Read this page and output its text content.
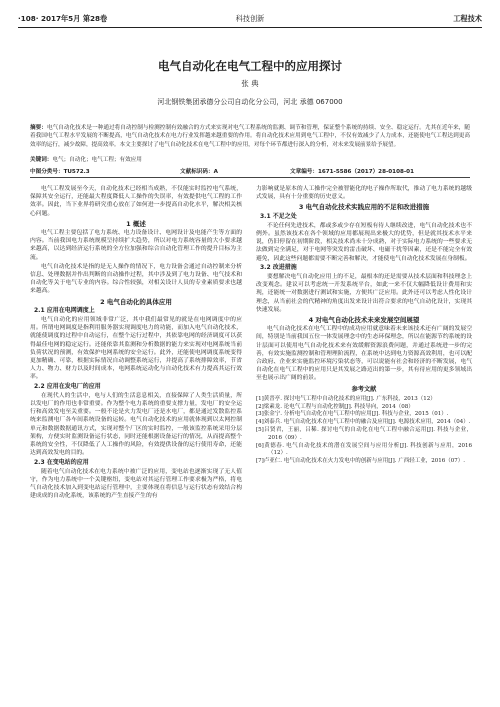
·108· 2017年5月 第28卷	科技创新	工程技术
电气自动化在电气工程中的应用探讨
张 典
河北钢铁集团承德分公司自动化分公司，河北 承德 067000
摘要：电气自动化技术是一种通过将自动控制与检测控制有效融合的方式来实现对电气工程系统的监测、调节和管理，保证整个系统的持续、安全、稳定运行。尤其在近年来，随着我国电气工程水平发展的不断提高，电气自动化技术在电力行业发挥越来越重要的作用。将自动化技术应用到电气工程中，不仅有效减少了人力成本，还能使电气工程达到更高效率的运行，减少故障，提高效率。本文主要探讨了电气自动化技术在电气工程中的应用，对每个环节都进行深入的分析，对未来发展前景给予展望。
关键词：电气；自动化；电气工程；有效应用
中图分类号：TU572.3	文献标识码：A	文章编号：1671-5586（2017）28-0108-01

电气工程发展至今天，自动化技术已经相当成熟，不仅能实时监控电气系统，保障其安全运行，还能最大程度降低人工操作的失误率，有效提供电气工程的工作效率。因此，当下业界将研究重心放在了如何进一步提高自动化水平，解决相关核心问题。

1 概述

电气工程主要包括了电力系统、电力设备设计、电网设计及电能产生等方面的内容。当前我国电力系统规模呈持续扩大趋势，所以对电力系统容量的大小要求越来越高，以达到经济运行系统的全方位加强和综合自动化管理工作的提升目标为主流。

电气自动化技术是指的是无人操作的情况下，电力设备会通过自动控制来分析信息、处理数据并作出判断的自动操作过程，其中涉及到了电力设备、电气技术和自动化等关于电气专业的内容。综合性较强，对相关设计人员的专业素质要求也越来越高。

2 电气自动化的具体应用
2.1 应用在电网调度上

电气自动化的应用领域非常广泛，其中我们最常见的就是在电网调度中的应用。所谓电网调度是指利用服务器实现调度电力的功能，而加入电气自动化技术，就能使调度的过程中自动运行，在整个运行过程中，其依靠电网的经济调度可以获得最佳电网的稳定运行。还能依靠其监测和分析数据的能力来实现对电网系统当前负荷状况的预测，有效保护电网系统的安全运行。此外，还能使电网调度系统变得更加精确、可靠，根据实际情况自动调整系统运行，并提高了系统排障效率，节省人力、物力、财力以及时间成本，电网系统运动化与自动化技术有力提高其运行效率。

2.2 应用在发电厂的应用

在现代人的生活中，电与人们的生活息息相关，直接保障了人类生活质量，所以发电厂的作用也非常重要。作为整个电力系统的重要支撑力量，发电厂的安全运行和高效发电至关重要。一般不论是火力发电厂还是水电厂，都是通过发散监控系统来监测电厂各车间系统设备的运转。电气自动化技术的应用就体现到以太网控制单元和数据数据通讯方式，实现对整个厂区的实时监控，一般该监控系统采用分层架构，方便实时监测设备运行状态，同时还能根据设备运行的情况，从而提高整个系统的安全性，不仅降低了人工操作的风险，有效提供设备的运行使用寿命，还能达到高效发电的目的。

2.3 在变电站的应用

随着电气自动化技术在电力系统中被广泛的应用，变电站也逐渐实现了无人值守，作为电力系统中一个关键枢纽，变电站对其运行管理工作要求极为严格，将电气自动化技术加入到变电站运行管理中，主要体现在将信息与运行状态有效结合构建成成的自动化系统，该系统的产生直接产生的有

力影响就是原本的人工操作完全被智能化的电子操作所取代，推动了电力系统的越级式发展，具有十分重要的历史意义。

3 电气自动化技术实践应用的不足和改进措施
3.1 不足之处

不论任何先进技术，都或多或少存在短板有待人继续改进，电气自动化技术也不例外。虽然该技术在各个领域的应用都展现出来极大的优势，但是就其技术水平来说，仍旧停留在初期阶段，相关技术尚未十分成熟，对于实际电力系统的一些要求无法做到完全满足，对于电网等突发的雷击破坏、电磁干扰等因素，还是不能完全有效避免，因此这些问题都需要不断完善和解决，才能使电气自动化技术发展在身制板。

3.2 改进措施

要想解决电气自动化应用上的不足，最根本的还是需要从技术层面和科技理念上改变观念。建议可以考虑统一开发系统平台，如此一来不仅大幅降低设计费用和实现，还能统一对数据进行测试和实施，方便其广泛应用。此外还可以考虑人性化设计理念，从当前社会的代精神的角度出发来设计出符合要求的电气自动化设计，实现其快速发展。

4 对电气自动化技术未来发展空间展望

电气自动化技术在电气工程中的成功应用就意味着未来该技术还有广阔的发展空间，特别是当前我国五位一体发展理念中的生态环保理念，所以在能源节约系统的设计层面可以使用电气自动化技术来有效缓解资源浪费问题，并通过系统进一步的完善，有效实施监测控制和管理理阶流程，在系统中达到电力资源高效利用，也可以配合政府、企业来实施监控环境污染状态等，可以说能有社会和经济的不断发展，电气自动化在电气工程中的应用只是其发展之路迈出的第一步，其有待应用的更多领域出至也展示出广阔的前景。

参考文献
[1]黄晋亭. 探讨电气工程中自动化技术的应用[J]. 广东科技，2013（12）
[2]梁素龙. 论电气工程与自动化控制[J]. 科技导向，2014（08）
[3]张金宁. 分析电气自动化在电气工程中的应用[J]. 科技与企业，2015（01）.
[4]刘泰兵. 电气自动化技术在电气工程中的融合及应用[J]. 电源技术应用，2014（04）.
[5]吕贤君，王丽，吕稀. 探讨电气的自动化在电气工程中融合运用[J]. 科技与企业，2016（09）.
[6]黄德春. 电气自动化技术的潜在发展空间与应用分析[J]. 科技创新与应用，2016（12）.
[7]卢亚仁. 电气自动化技术在火力发电中的创新与应用[J]. 广西轻工业，2016（07）.
